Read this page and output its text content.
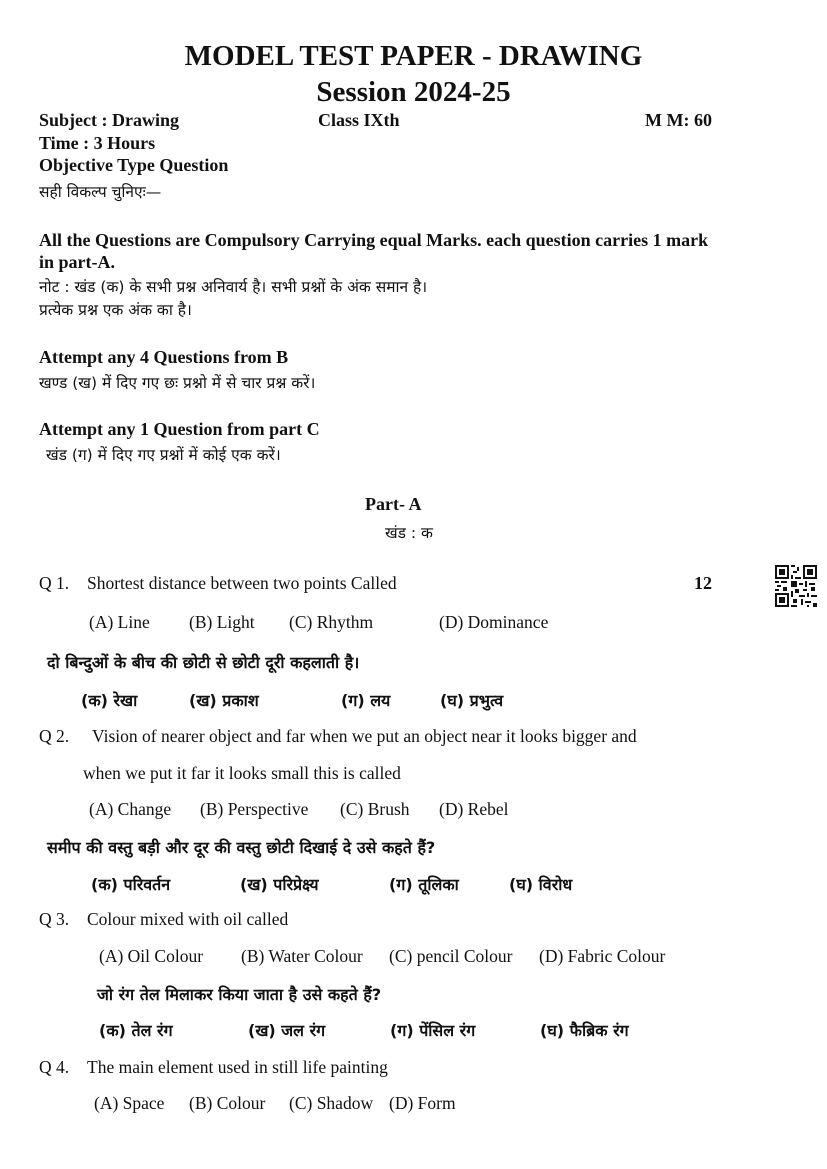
MODEL TEST PAPER - DRAWING
Session 2024-25
Subject : Drawing	Class IXth	M M: 60
Time : 3 Hours
Objective Type Question
सही विकल्प चुनिएः—
All the Questions are Compulsory Carrying equal Marks. each question carries 1 mark
in part-A.
नोट : खंड (क) के सभी प्रश्न अनिवार्य है। सभी प्रश्नों के अंक समान है।
प्रत्येक प्रश्न एक अंक का है।
Attempt any 4 Questions from B
खण्ड (ख) में दिए गए छः प्रश्नो में से चार प्रश्न करें।
Attempt any 1 Question from part C
खंड (ग) में दिए गए प्रश्नों में कोई एक करें।
Part- A
खंड : क
Q 1. Shortest distance between two points Called	12
(A) Line (B) Light (C) Rhythm	(D) Dominance
दो बिन्दुओं के बीच की छोटी से छोटी दूरी कहलाती है।
(क) रेखा	(ख) प्रकाश	(ग) लय	(घ) प्रभुत्व
Q 2. Vision of nearer object and far when we put an object near it looks bigger and
when we put it far it looks small this is called
(A) Change (B) Perspective (C) Brush (D) Rebel
समीप की वस्तु बड़ी और दूर की वस्तु छोटी दिखाई दे उसे कहते हैं?
(क) परिवर्तन	(ख) परिप्रेक्ष्य	(ग) तूलिका	(घ) विरोध
Q 3. Colour mixed with oil called
(A) Oil Colour (B) Water Colour (C) pencil Colour (D) Fabric Colour
जो रंग तेल मिलाकर किया जाता है उसे कहते हैं?
(क) तेल रंग	(ख) जल रंग	(ग) पेंसिल रंग	(घ) फैब्रिक रंग
Q 4. The main element used in still life painting
(A) Space (B) Colour (C) Shadow (D) Form
